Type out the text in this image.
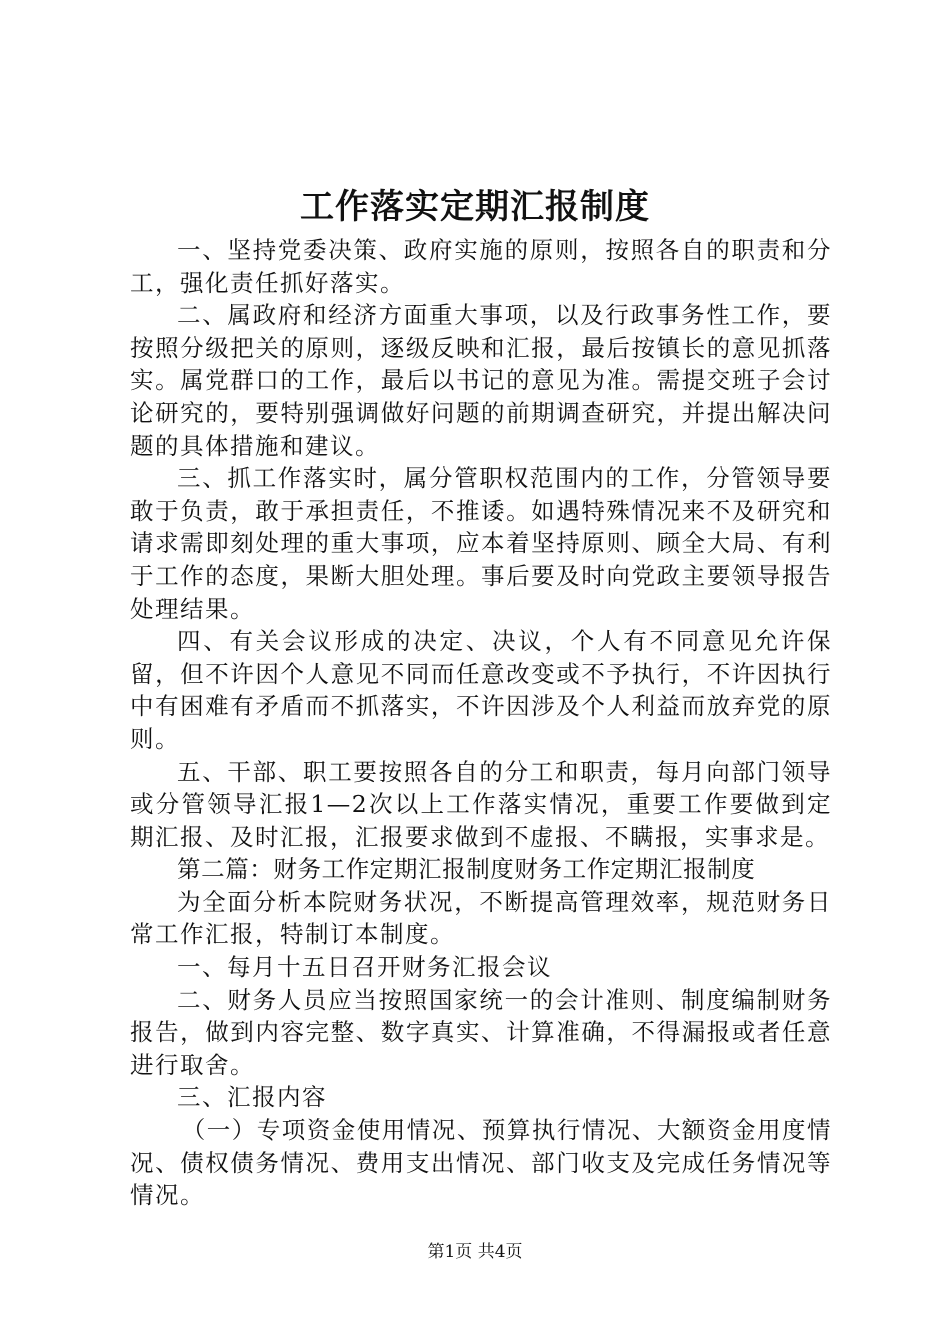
工作落实定期汇报制度

一、坚持党委决策、政府实施的原则，按照各自的职责和分工，强化责任抓好落实。

二、属政府和经济方面重大事项，以及行政事务性工作，要按照分级把关的原则，逐级反映和汇报，最后按镇长的意见抓落实。属党群口的工作，最后以书记的意见为准。需提交班子会讨论研究的，要特别强调做好问题的前期调查研究，并提出解决问题的具体措施和建议。

三、抓工作落实时，属分管职权范围内的工作，分管领导要敢于负责，敢于承担责任，不推诿。如遇特殊情况来不及研究和请求需即刻处理的重大事项，应本着坚持原则、顾全大局、有利于工作的态度，果断大胆处理。事后要及时向党政主要领导报告处理结果。

四、有关会议形成的决定、决议，个人有不同意见允许保留，但不许因个人意见不同而任意改变或不予执行，不许因执行中有困难有矛盾而不抓落实，不许因涉及个人利益而放弃党的原则。

五、干部、职工要按照各自的分工和职责，每月向部门领导或分管领导汇报1—2次以上工作落实情况，重要工作要做到定期汇报、及时汇报，汇报要求做到不虚报、不瞒报，实事求是。

第二篇：财务工作定期汇报制度财务工作定期汇报制度

为全面分析本院财务状况，不断提高管理效率，规范财务日常工作汇报，特制订本制度。

一、每月十五日召开财务汇报会议

二、财务人员应当按照国家统一的会计准则、制度编制财务报告，做到内容完整、数字真实、计算准确，不得漏报或者任意进行取舍。

三、汇报内容

（一）专项资金使用情况、预算执行情况、大额资金用度情况、债权债务情况、费用支出情况、部门收支及完成任务情况等情况。

第1页 共4页
